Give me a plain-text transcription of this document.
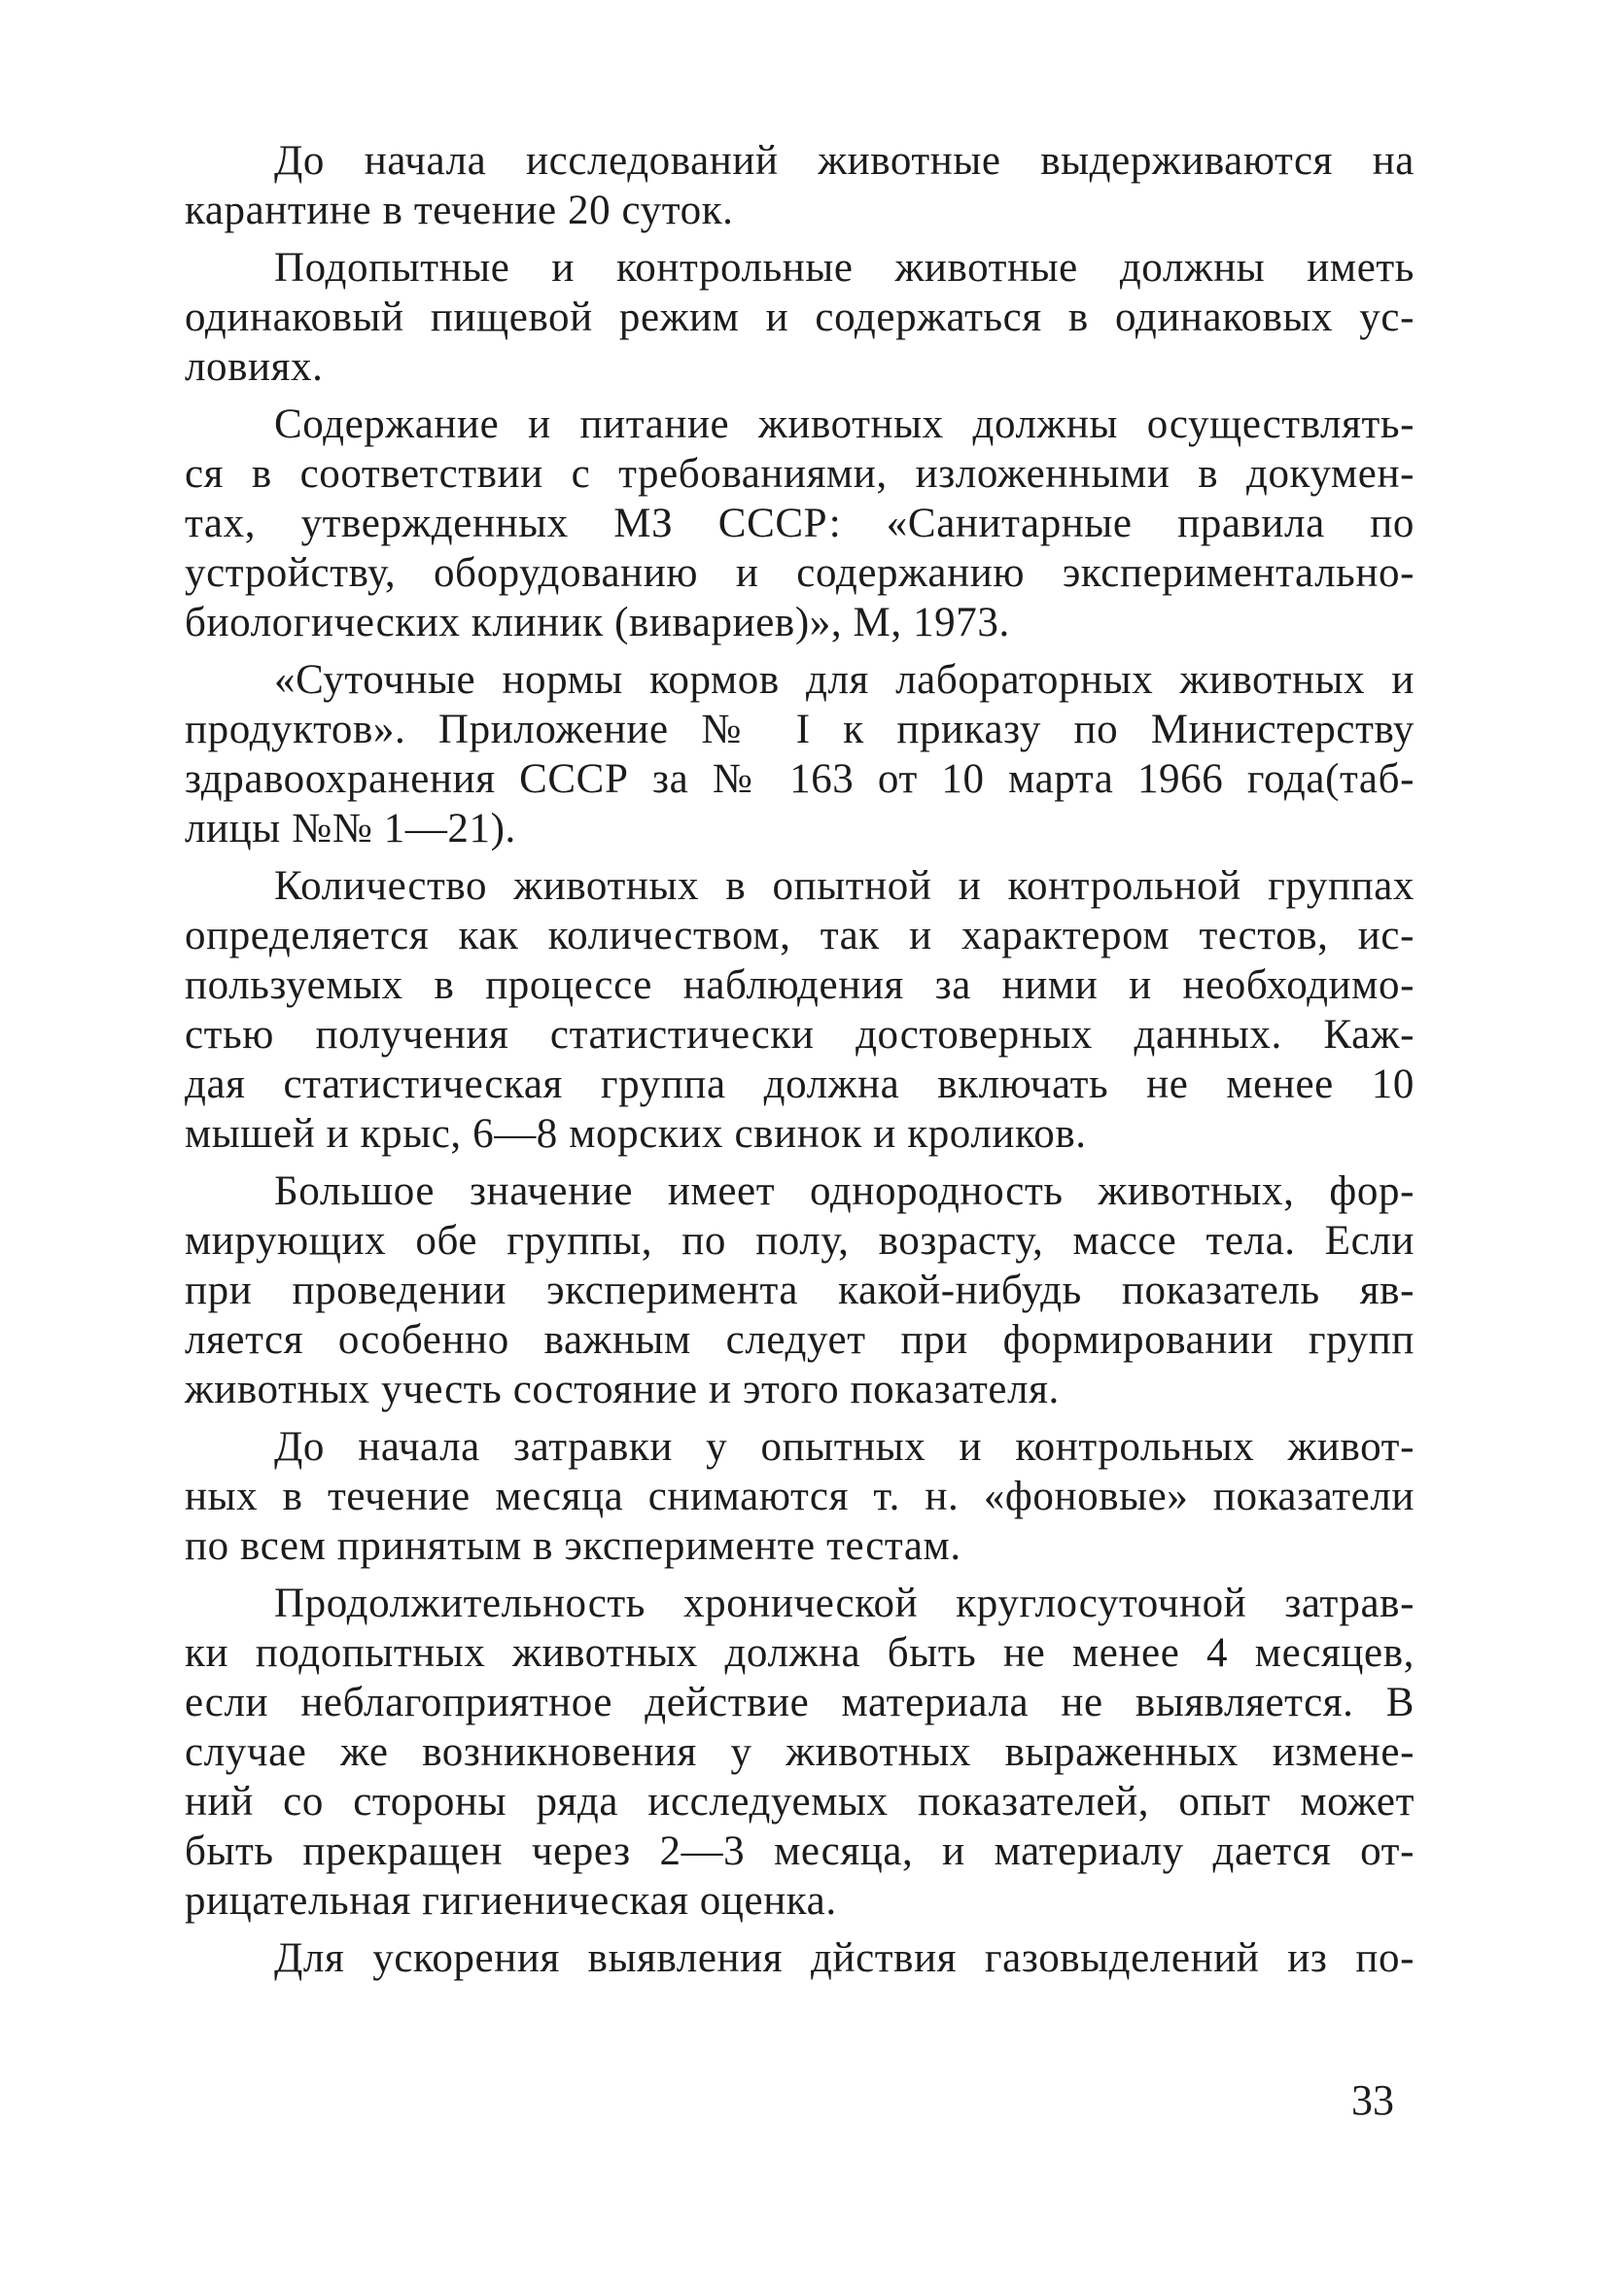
До начала исследований животные выдерживаются на
карантине в течение 20 суток.
Подопытные и контрольные животные должны иметь
одинаковый пищевой режим и содержаться в одинаковых ус-
ловиях.
Содержание и питание животных должны осуществлять-
ся в соответствии с требованиями, изложенными в докумен-
тах, утвержденных МЗ СССР: «Санитарные правила по
устройству, оборудованию и содержанию экспериментально-
биологических клиник (вивариев)», М, 1973.
«Суточные нормы кормов для лабораторных животных и
продуктов». Приложение № I к приказу по Министерству
здравоохранения СССР за № 163 от 10 марта 1966 года(таб-
лицы №№ 1—21).
Количество животных в опытной и контрольной группах
определяется как количеством, так и характером тестов, ис-
пользуемых в процессе наблюдения за ними и необходимо-
стью получения статистически достоверных данных. Каж-
дая статистическая группа должна включать не менее 10
мышей и крыс, 6—8 морских свинок и кроликов.
Большое значение имеет однородность животных, фор-
мирующих обе группы, по полу, возрасту, массе тела. Если
при проведении эксперимента какой-нибудь показатель яв-
ляется особенно важным следует при формировании групп
животных учесть состояние и этого показателя.
До начала затравки у опытных и контрольных живот-
ных в течение месяца снимаются т. н. «фоновые» показатели
по всем принятым в эксперименте тестам.
Продолжительность хронической круглосуточной затрав-
ки подопытных животных должна быть не менее 4 месяцев,
если неблагоприятное действие материала не выявляется. В
случае же возникновения у животных выраженных измене-
ний со стороны ряда исследуемых показателей, опыт может
быть прекращен через 2—3 месяца, и материалу дается от-
рицательная гигиеническая оценка.
Для ускорения выявления дйствия газовыделений из по-
33
